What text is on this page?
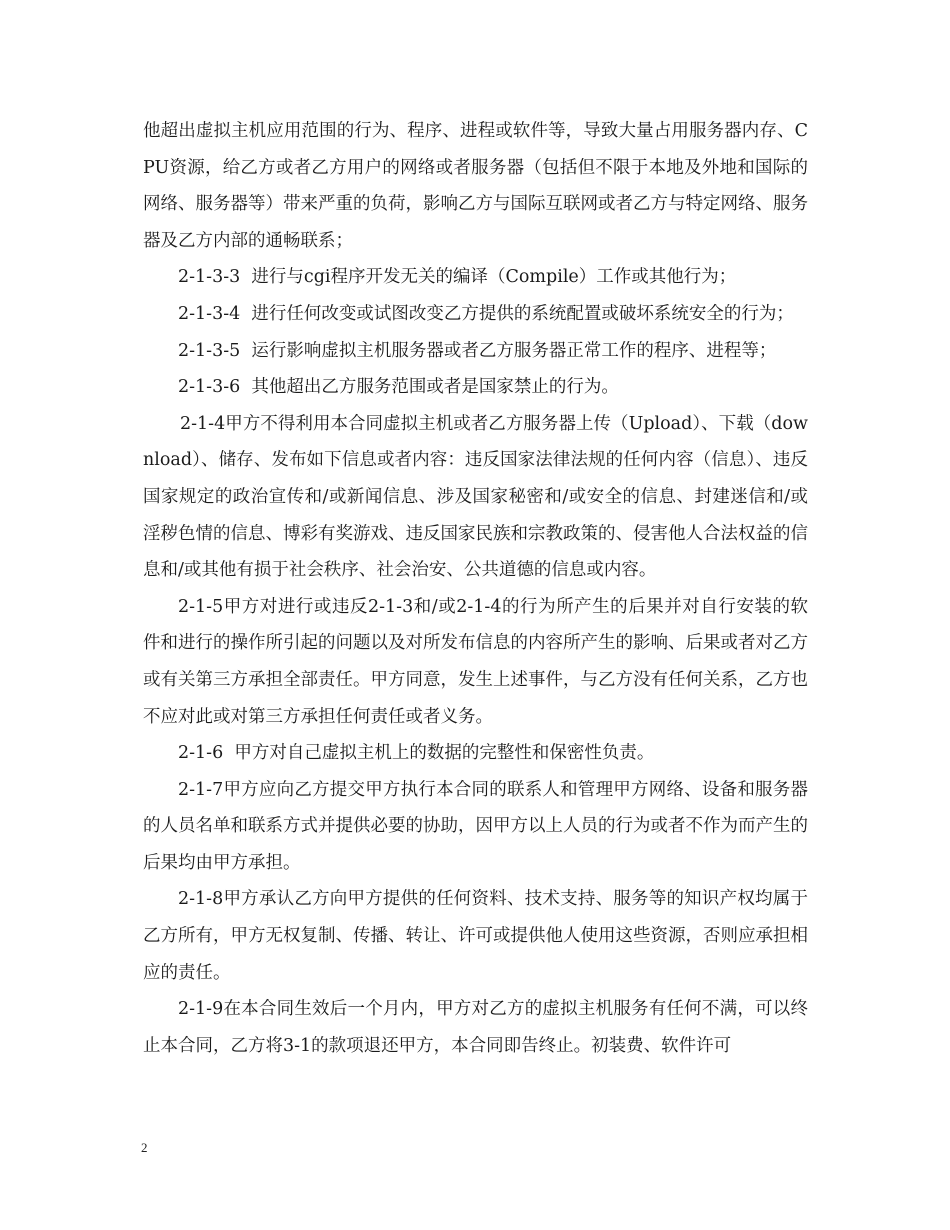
他超出虚拟主机应用范围的行为、程序、进程或软件等，导致大量占用服务器内存、CPU资源，给乙方或者乙方用户的网络或者服务器（包括但不限于本地及外地和国际的网络、服务器等）带来严重的负荷，影响乙方与国际互联网或者乙方与特定网络、服务器及乙方内部的通畅联系；

2-1-3-3  进行与cgi程序开发无关的编译（Compile）工作或其他行为；

2-1-3-4  进行任何改变或试图改变乙方提供的系统配置或破坏系统安全的行为；

2-1-3-5  运行影响虚拟主机服务器或者乙方服务器正常工作的程序、进程等；

2-1-3-6  其他超出乙方服务范围或者是国家禁止的行为。

2-1-4甲方不得利用本合同虚拟主机或者乙方服务器上传（Upload）、下载（download）、储存、发布如下信息或者内容：违反国家法律法规的任何内容（信息）、违反国家规定的政治宣传和/或新闻信息、涉及国家秘密和/或安全的信息、封建迷信和/或淫秽色情的信息、博彩有奖游戏、违反国家民族和宗教政策的、侵害他人合法权益的信息和/或其他有损于社会秩序、社会治安、公共道德的信息或内容。

2-1-5甲方对进行或违反2-1-3和/或2-1-4的行为所产生的后果并对自行安装的软件和进行的操作所引起的问题以及对所发布信息的内容所产生的影响、后果或者对乙方或有关第三方承担全部责任。甲方同意，发生上述事件，与乙方没有任何关系，乙方也不应对此或对第三方承担任何责任或者义务。

2-1-6  甲方对自己虚拟主机上的数据的完整性和保密性负责。

2-1-7甲方应向乙方提交甲方执行本合同的联系人和管理甲方网络、设备和服务器的人员名单和联系方式并提供必要的协助，因甲方以上人员的行为或者不作为而产生的后果均由甲方承担。

2-1-8甲方承认乙方向甲方提供的任何资料、技术支持、服务等的知识产权均属于乙方所有，甲方无权复制、传播、转让、许可或提供他人使用这些资源，否则应承担相应的责任。

2-1-9在本合同生效后一个月内，甲方对乙方的虚拟主机服务有任何不满，可以终止本合同，乙方将3-1的款项退还甲方，本合同即告终止。初装费、软件许可

2
